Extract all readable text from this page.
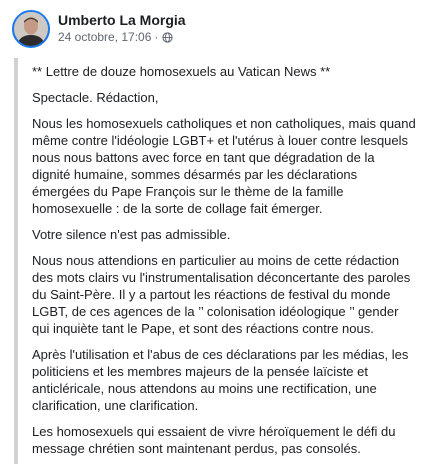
Umberto La Morgia
24 octobre, 17:06 ·

** Lettre de douze homosexuels au Vatican News **

Spectacle. Rédaction,

Nous les homosexuels catholiques et non catholiques, mais quand même contre l'idéologie LGBT+ et l'utérus à louer contre lesquels nous nous battons avec force en tant que dégradation de la dignité humaine, sommes désarmés par les déclarations émergées du Pape François sur le thème de la famille homosexuelle : de la sorte de collage fait émerger.

Votre silence n'est pas admissible.

Nous nous attendions en particulier au moins de cette rédaction des mots clairs vu l'instrumentalisation déconcertante des paroles du Saint-Père. Il y a partout les réactions de festival du monde LGBT, de ces agences de la ’’ colonisation idéologique ’’ gender qui inquiète tant le Pape, et sont des réactions contre nous.

Après l'utilisation et l'abus de ces déclarations par les médias, les politiciens et les membres majeurs de la pensée laïciste et anticléricale, nous attendons au moins une rectification, une clarification, une clarification.

Les homosexuels qui essaient de vivre héroïquement le défi du message chrétien sont maintenant perdus, pas consolés.
